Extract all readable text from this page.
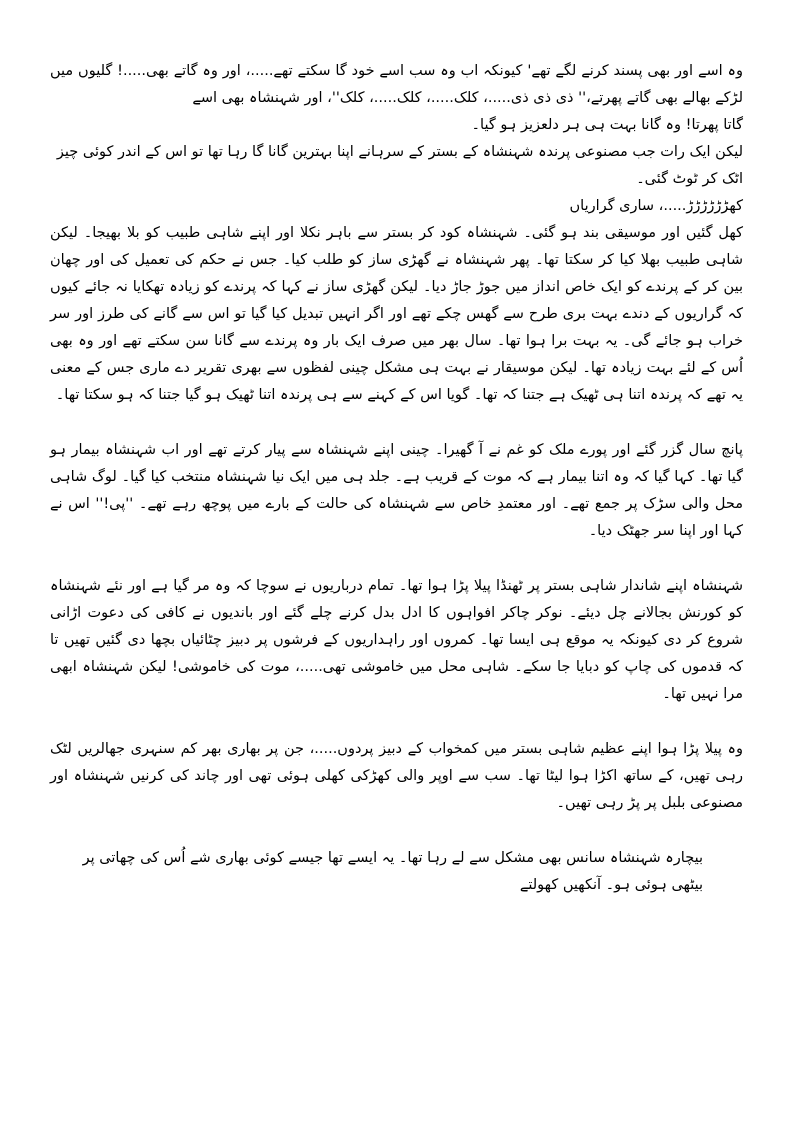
وہ اسے اور بھی پسند کرنے لگے تھے' کیونکہ اب وہ سب اسے خود گا سکتے تھے.....، اور وہ گاتے بھی.....! گلیوں میں لڑکے بھالے بھی گاتے پھرتے،'' ذی ذی ذی.....، کلک.....، کلک.....، کلک''، اور شہنشاہ بھی اسے

گاتا پھرتا! وہ گانا بہت ہی ہر دلعزیز ہو گیا۔

لیکن ایک رات جب مصنوعی پرندہ شہنشاہ کے بستر کے سرہانے اپنا بہترین گانا گا رہا تھا تو اس کے اندر کوئی چیز اٹک کر ٹوٹ گئی۔

کھڑڑڑڑڑڑ.....، ساری گراریاں

کھل گئیں اور موسیقی بند ہو گئی۔ شہنشاہ کود کر بستر سے باہر نکلا اور اپنے شاہی طبیب کو بلا بھیجا۔ لیکن شاہی طبیب بھلا کیا کر سکتا تھا۔ پھر شہنشاہ نے گھڑی ساز کو طلب کیا۔ جس نے حکم کی تعمیل کی اور چھان بین کر کے پرندے کو ایک خاص انداز میں جوڑ جاڑ دیا۔ لیکن گھڑی ساز نے کہا کہ پرندے کو زیادہ تھکایا نہ جائے کیوں کہ گراریوں کے دندے بہت بری طرح سے گھس چکے تھے اور اگر انہیں تبدیل کیا گیا تو اس سے گانے کی طرز اور سر خراب ہو جائے گی۔ یہ بہت برا ہوا تھا۔ سال بھر میں صرف ایک بار وہ پرندے سے گانا سن سکتے تھے اور وہ بھی اُس کے لئے بہت زیادہ تھا۔ لیکن موسیقار نے بہت ہی مشکل چینی لفظوں سے بھری تقریر دے ماری جس کے معنی یہ تھے کہ پرندہ اتنا ہی ٹھیک ہے جتنا کہ تھا۔ گویا اس کے کہنے سے ہی پرندہ اتنا ٹھیک ہو گیا جتنا کہ ہو سکتا تھا۔

پانچ سال گزر گئے اور پورے ملک کو غم نے آ گھیرا۔ چینی اپنے شہنشاہ سے پیار کرتے تھے اور اب شہنشاہ بیمار ہو گیا تھا۔ کہا گیا کہ وہ اتنا بیمار ہے کہ موت کے قریب ہے۔ جلد ہی میں ایک نیا شہنشاہ منتخب کیا گیا۔ لوگ شاہی محل والی سڑک پر جمع تھے۔ اور معتمدِ خاص سے شہنشاہ کی حالت کے بارے میں پوچھ رہے تھے۔ ''پی!'' اس نے کہا اور اپنا سر جھٹک دیا۔

شہنشاہ اپنے شاندار شاہی بستر پر ٹھنڈا پیلا پڑا ہوا تھا۔ تمام درباریوں نے سوچا کہ وہ مر گیا ہے اور نئے شہنشاہ کو کورنش بجالانے چل دیئے۔ نوکر چاکر افواہوں کا ادل بدل کرنے چلے گئے اور باندیوں نے کافی کی دعوت اڑانی شروع کر دی کیونکہ یہ موقع ہی ایسا تھا۔ کمروں اور راہداریوں کے فرشوں پر دبیز چٹائیاں بچھا دی گئیں تھیں تا کہ قدموں کی چاپ کو دبایا جا سکے۔ شاہی محل میں خاموشی تھی.....، موت کی خاموشی! لیکن شہنشاہ ابھی مرا نہیں تھا۔

وہ پیلا پڑا ہوا اپنے عظیم شاہی بستر میں کمخواب کے دبیز پردوں.....، جن پر بھاری بھر کم سنہری جھالریں لٹک رہی تھیں، کے ساتھ اکڑا ہوا لیٹا تھا۔ سب سے اوپر والی کھڑکی کھلی ہوئی تھی اور چاند کی کرنیں شہنشاہ اور مصنوعی بلبل پر پڑ رہی تھیں۔

بیچارہ شہنشاہ سانس بھی مشکل سے لے رہا تھا۔ یہ ایسے تھا جیسے کوئی بھاری شے اُس کی چھاتی پر بیٹھی ہوئی ہو۔ آنکھیں کھولتے
